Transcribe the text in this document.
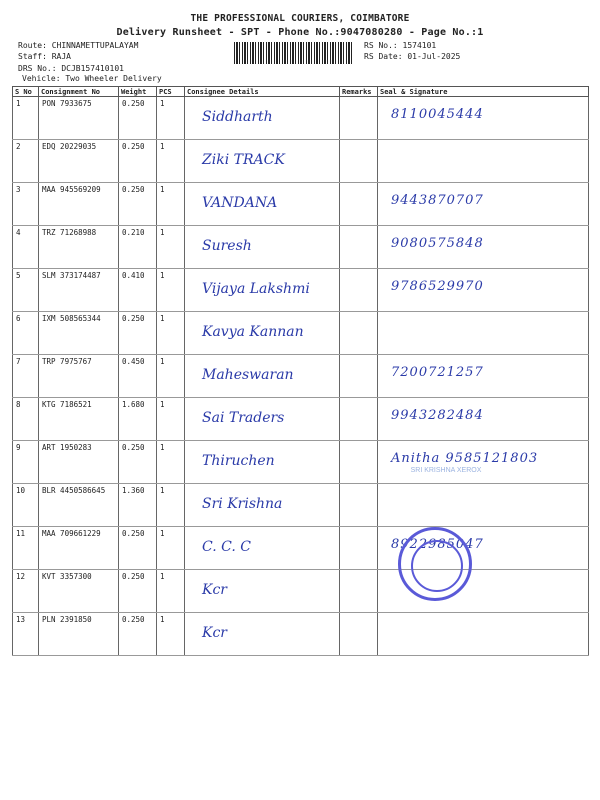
THE PROFESSIONAL COURIERS, COIMBATORE
Delivery Runsheet - SPT - Phone No.:9047080280 - Page No.:1
Route: CHINNAMETTUPALAYAM
Staff: RAJA
DRS No.: DCJB157410101
Vehicle: Two Wheeler Delivery
RS No.: 1574101
RS Date: 01-Jul-2025
S No	Consignment No	Weight	PCS	Consignee Details	Remarks	Seal & Signature
1	PON 7933675	0.250	1	Siddharth		8110045444

2	EDQ 20229035	0.250	1	Ziki TRACK		

3	MAA 945569209	0.250	1	VANDANA		9443870707

4	TRZ 71268988	0.210	1	Suresh		9080575848

5	SLM 373174487	0.410	1	Vijaya Lakshmi		9786529970

6	IXM 508565344	0.250	1	Kavya Kannan		

7	TRP 7975767	0.450	1	Maheswaran		7200721257

8	KTG 7186521	1.680	1	Sai Traders		9943282484

9	ART 1950283	0.250	1	Thiruchen		Anitha 9585121803

10	BLR 4450586645	1.360	1	Sri Krishna		

11	MAA 709661229	0.250	1	C. C. C		8922985047

12	KVT 3357300	0.250	1	Kcr		

13	PLN 2391850	0.250	1	Kcr		

SRI KRISHNA XEROX
